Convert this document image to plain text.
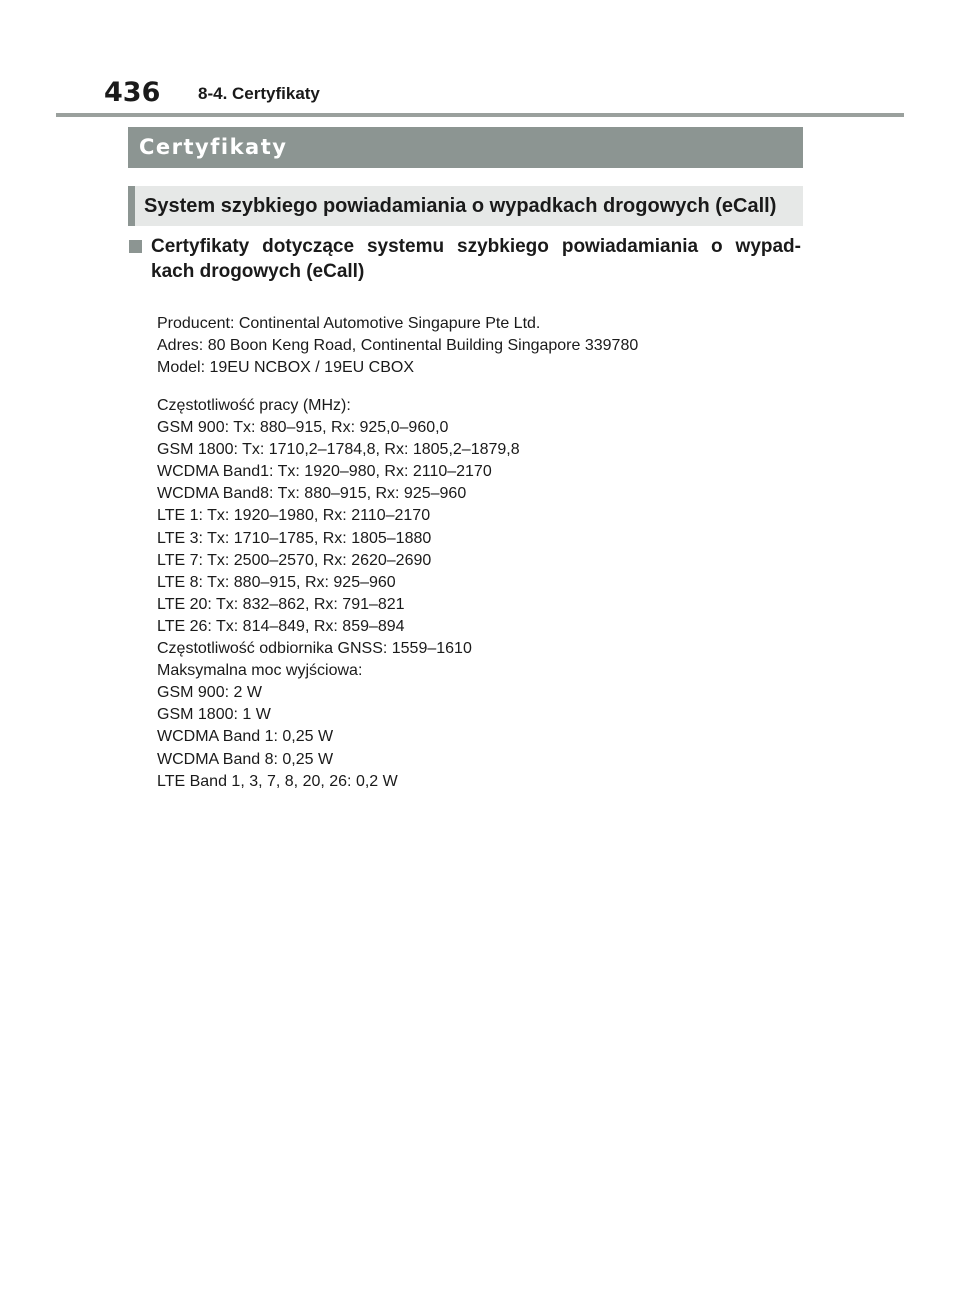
436 8-4. Certyfikaty
Certyfikaty
System szybkiego powiadamiania o wypadkach drogowych (eCall)
Certyfikaty dotyczące systemu szybkiego powiadamiania o wypad-
kach drogowych (eCall)
Producent: Continental Automotive Singapure Pte Ltd.
Adres: 80 Boon Keng Road, Continental Building Singapore 339780
Model: 19EU NCBOX / 19EU CBOX
Częstotliwość pracy (MHz):
GSM 900: Tx: 880–915, Rx: 925,0–960,0
GSM 1800: Tx: 1710,2–1784,8, Rx: 1805,2–1879,8
WCDMA Band1: Tx: 1920–980, Rx: 2110–2170
WCDMA Band8: Tx: 880–915, Rx: 925–960
LTE 1: Tx: 1920–1980, Rx: 2110–2170
LTE 3: Tx: 1710–1785, Rx: 1805–1880
LTE 7: Tx: 2500–2570, Rx: 2620–2690
LTE 8: Tx: 880–915, Rx: 925–960
LTE 20: Tx: 832–862, Rx: 791–821
LTE 26: Tx: 814–849, Rx: 859–894
Częstotliwość odbiornika GNSS: 1559–1610
Maksymalna moc wyjściowa:
GSM 900: 2 W
GSM 1800: 1 W
WCDMA Band 1: 0,25 W
WCDMA Band 8: 0,25 W
LTE Band 1, 3, 7, 8, 20, 26: 0,2 W
